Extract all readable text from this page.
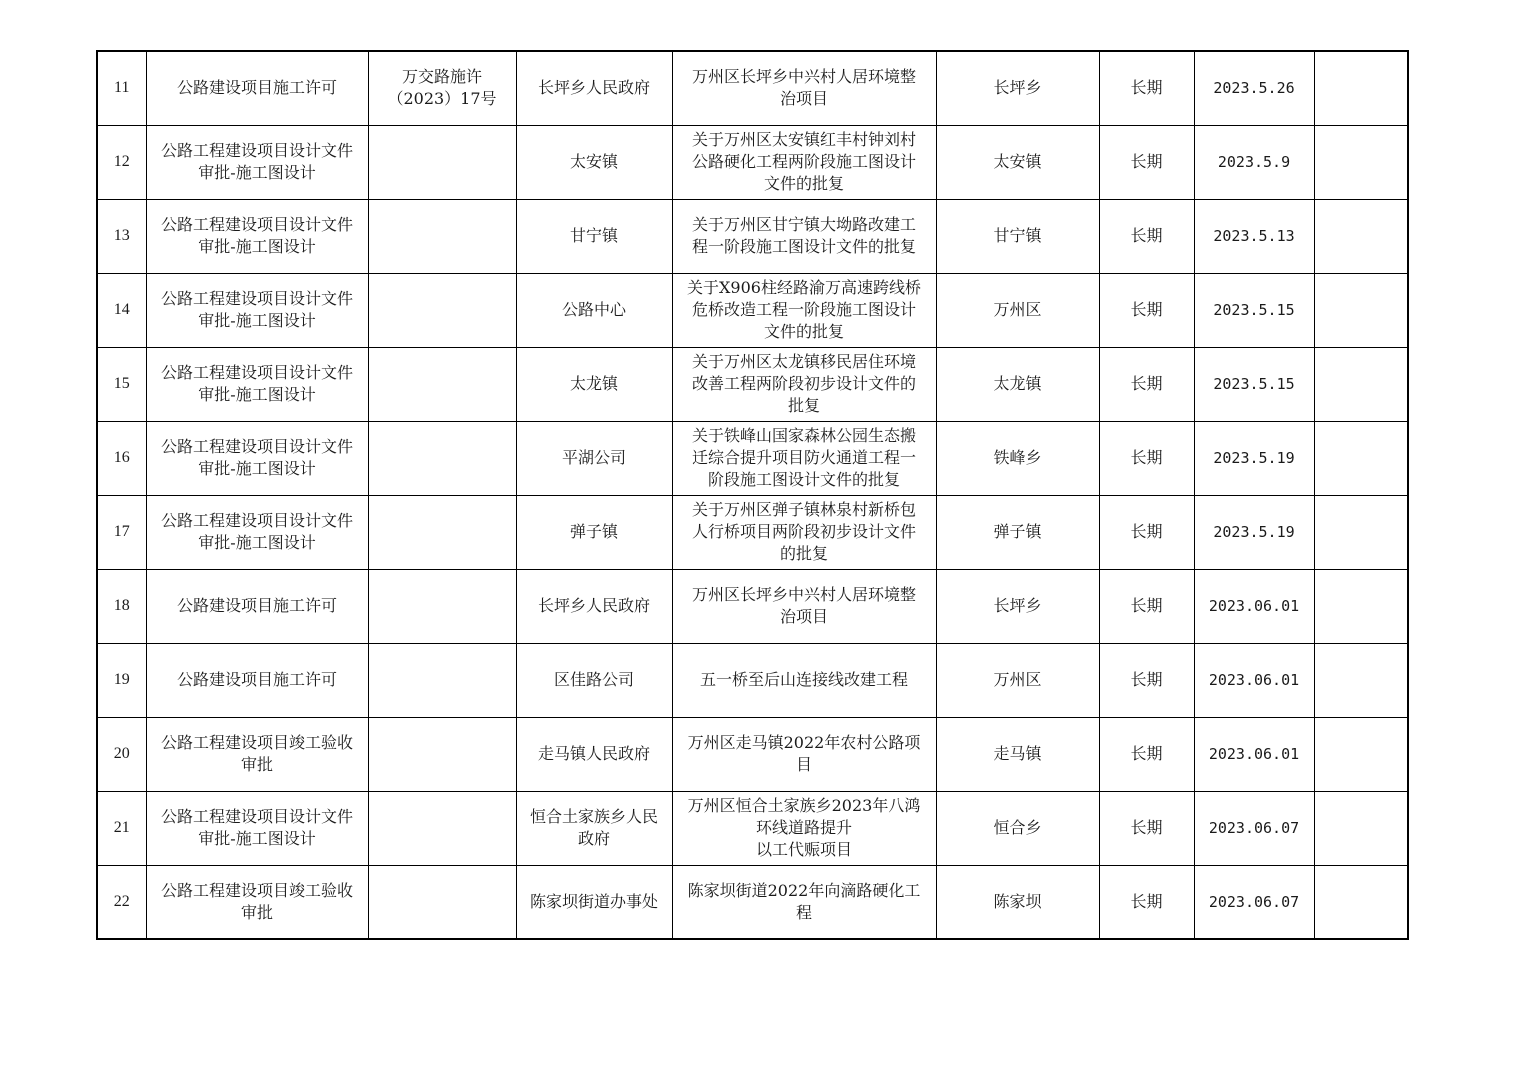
11	公路建设项目施工许可	万交路施许
（2023）17号	长坪乡人民政府	万州区长坪乡中兴村人居环境整
治项目	长坪乡	长期	2023.5.26	
12	公路工程建设项目设计文件
审批-施工图设计		太安镇	关于万州区太安镇红丰村钟刘村
公路硬化工程两阶段施工图设计
文件的批复	太安镇	长期	2023.5.9	
13	公路工程建设项目设计文件
审批-施工图设计		甘宁镇	关于万州区甘宁镇大坳路改建工
程一阶段施工图设计文件的批复	甘宁镇	长期	2023.5.13	
14	公路工程建设项目设计文件
审批-施工图设计		公路中心	关于X906柱经路渝万高速跨线桥
危桥改造工程一阶段施工图设计
文件的批复	万州区	长期	2023.5.15	
15	公路工程建设项目设计文件
审批-施工图设计		太龙镇	关于万州区太龙镇移民居住环境
改善工程两阶段初步设计文件的
批复	太龙镇	长期	2023.5.15	
16	公路工程建设项目设计文件
审批-施工图设计		平湖公司	关于铁峰山国家森林公园生态搬
迁综合提升项目防火通道工程一
阶段施工图设计文件的批复	铁峰乡	长期	2023.5.19	
17	公路工程建设项目设计文件
审批-施工图设计		弹子镇	关于万州区弹子镇林泉村新桥包
人行桥项目两阶段初步设计文件
的批复	弹子镇	长期	2023.5.19	
18	公路建设项目施工许可		长坪乡人民政府	万州区长坪乡中兴村人居环境整
治项目	长坪乡	长期	2023.06.01	
19	公路建设项目施工许可		区佳路公司	五一桥至后山连接线改建工程	万州区	长期	2023.06.01	
20	公路工程建设项目竣工验收
审批		走马镇人民政府	万州区走马镇2022年农村公路项
目	走马镇	长期	2023.06.01	
21	公路工程建设项目设计文件
审批-施工图设计		恒合土家族乡人民
政府	万州区恒合土家族乡2023年八鸿
环线道路提升
以工代赈项目	恒合乡	长期	2023.06.07	
22	公路工程建设项目竣工验收
审批		陈家坝街道办事处	陈家坝街道2022年向滴路硬化工
程	陈家坝	长期	2023.06.07	
